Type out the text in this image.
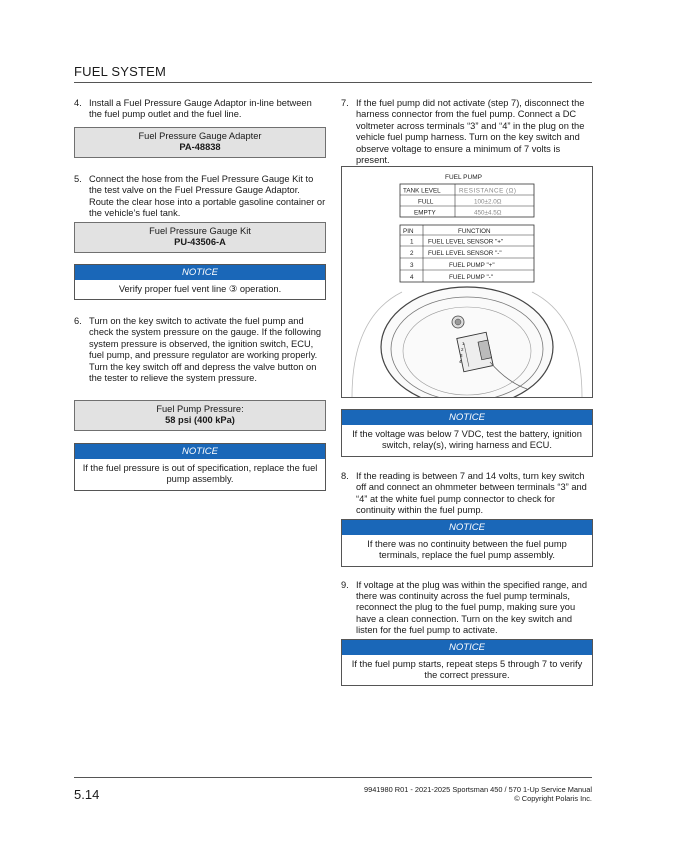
FUEL SYSTEM
4. Install a Fuel Pressure Gauge Adaptor in-line between the fuel pump outlet and the fuel line.
Fuel Pressure Gauge Adapter
PA-48838
5. Connect the hose from the Fuel Pressure Gauge Kit to the test valve on the Fuel Pressure Gauge Adaptor. Route the clear hose into a portable gasoline container or the vehicle’s fuel tank.
Fuel Pressure Gauge Kit
PU-43506-A
NOTICE
Verify proper fuel vent line ③ operation.
6. Turn on the key switch to activate the fuel pump and check the system pressure on the gauge. If the following system pressure is observed, the ignition switch, ECU, fuel pump, and pressure regulator are working properly. Turn the key switch off and depress the valve button on the tester to relieve the system pressure.
Fuel Pump Pressure:
58 psi (400 kPa)
NOTICE
If the fuel pressure is out of specification, replace the fuel pump assembly.
7. If the fuel pump did not activate (step 7), disconnect the harness connector from the fuel pump. Connect a DC voltmeter across terminals “3” and “4” in the plug on the vehicle fuel pump harness. Turn on the key switch and observe voltage to ensure a minimum of 7 volts is present.
FUEL PUMP
TANK LEVEL	RESISTANCE (Ω)
FULL	100±2.0Ω
EMPTY	450±4.5Ω
PIN	FUNCTION
1 FUEL LEVEL SENSOR "+"
2 FUEL LEVEL SENSOR "-"
3	FUEL PUMP "+"
4	FUEL PUMP "-"
1
2
3
4
NOTICE
If the voltage was below 7 VDC, test the battery, ignition switch, relay(s), wiring harness and ECU.
8. If the reading is between 7 and 14 volts, turn key switch off and connect an ohmmeter between terminals “3” and “4” at the white fuel pump connector to check for continuity within the fuel pump.
NOTICE
If there was no continuity between the fuel pump terminals, replace the fuel pump assembly.
9. If voltage at the plug was within the specified range, and there was continuity across the fuel pump terminals, reconnect the plug to the fuel pump, making sure you have a clean connection. Turn on the key switch and listen for the fuel pump to activate.
NOTICE
If the fuel pump starts, repeat steps 5 through 7 to verify the correct pressure.
5.14	9941980 R01 - 2021-2025 Sportsman 450 / 570 1-Up Service Manual
© Copyright Polaris Inc.
